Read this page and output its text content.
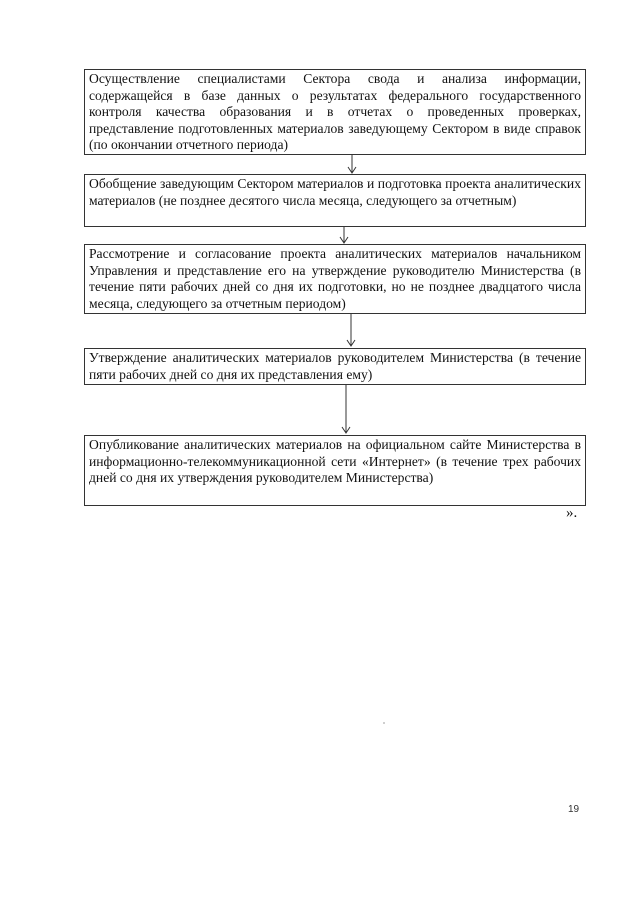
Осуществление специалистами Сектора свода и анализа информации, содержащейся в базе данных о результатах федерального государственного контроля качества образования и в отчетах о проведенных проверках, представление подготовленных материалов заведующему Сектором в виде справок (по окончании отчетного периода)
Обобщение заведующим Сектором материалов и подготовка проекта аналитических материалов (не позднее десятого числа месяца, следующего за отчетным)
Рассмотрение и согласование проекта аналитических материалов начальником Управления и представление его на утверждение руководителю Министерства (в течение пяти рабочих дней со дня их подготовки, но не позднее двадцатого числа месяца, следующего за отчетным периодом)
Утверждение аналитических материалов руководителем Министерства (в течение пяти рабочих дней со дня их представления ему)
Опубликование аналитических материалов на официальном сайте Министерства в информационно-телекоммуникационной сети «Интернет» (в течение трех рабочих дней со дня их утверждения руководителем Министерства)
».
19
